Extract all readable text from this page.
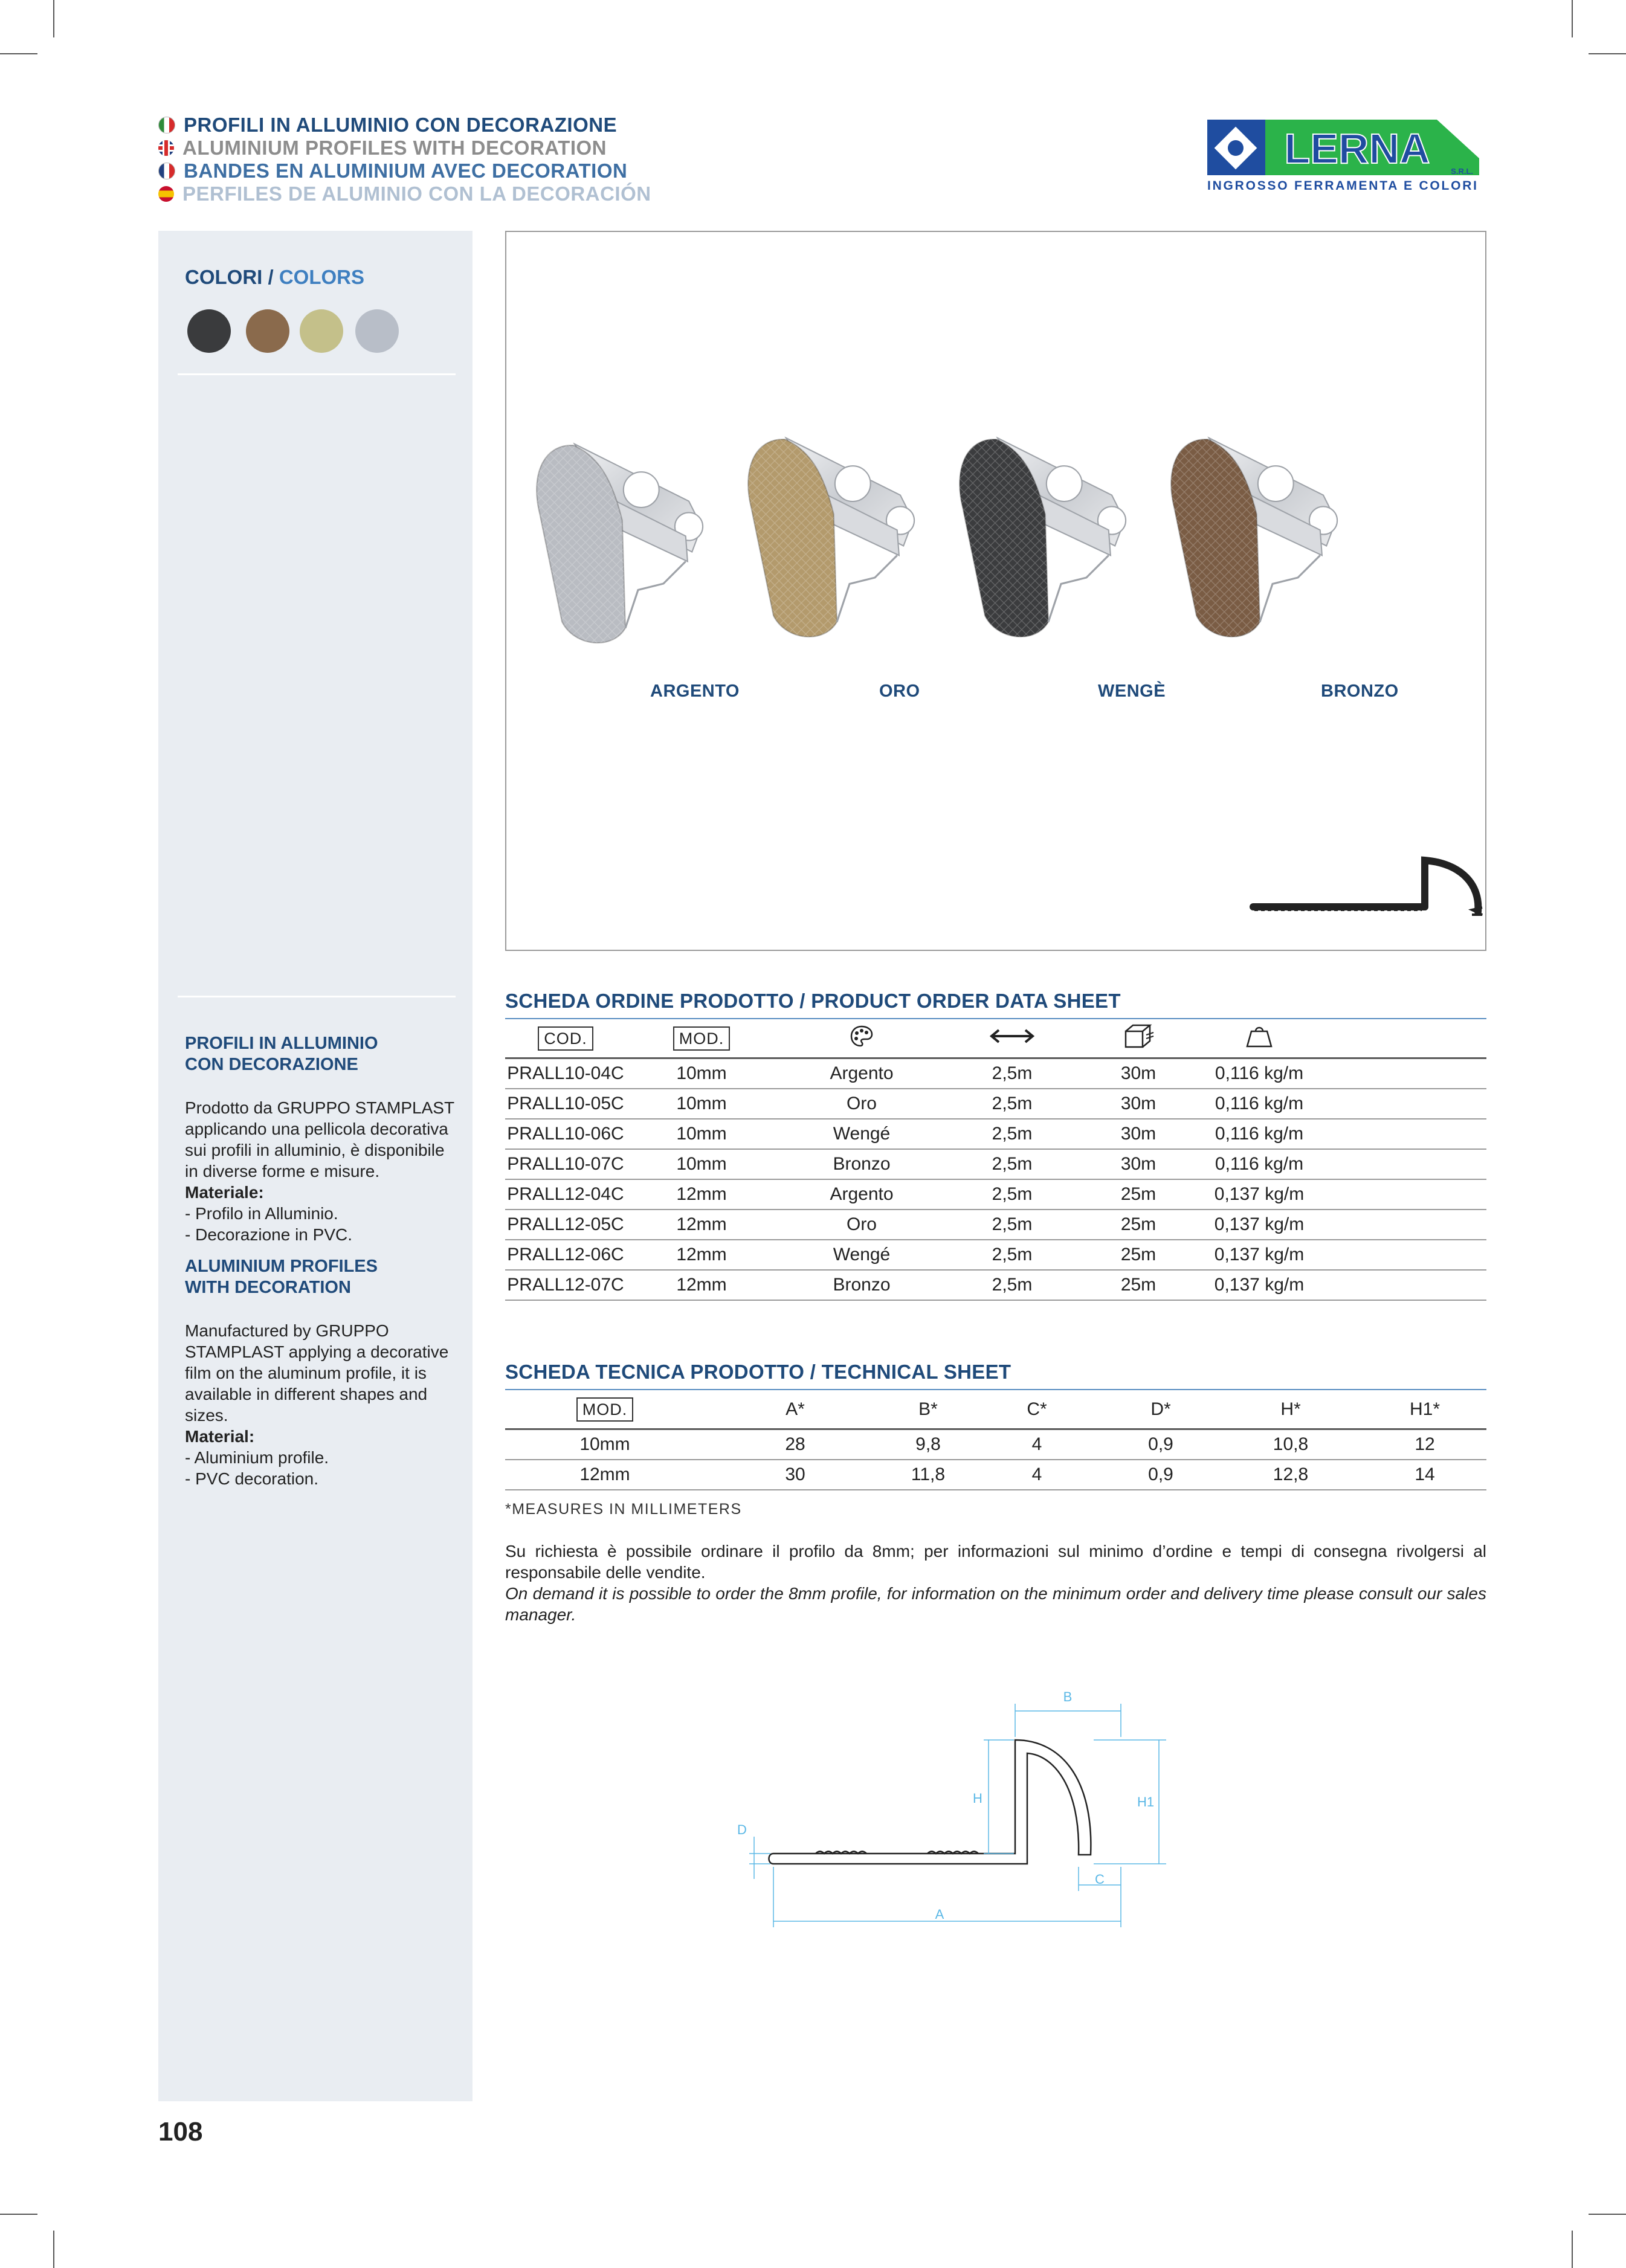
PROFILI IN ALLUMINIO CON DECORAZIONE
ALUMINIUM PROFILES WITH DECORATION
BANDES EN ALUMINIUM AVEC DECORATION
PERFILES DE ALUMINIO CON LA DECORACIÓN
LERNA	S.R.L.
INGROSSO FERRAMENTA E COLORI
COLORI / COLORS
PROFILI IN ALLUMINIO
CON DECORAZIONE
Prodotto da GRUPPO STAMPLAST applicando una pellicola decorativa sui profili in alluminio, è disponibile in diverse forme e misure.
Materiale:
- Profilo in Alluminio.
- Decorazione in PVC.
ALUMINIUM PROFILES
WITH DECORATION
Manufactured by GRUPPO STAMPLAST applying a decorative film on the aluminum profile, it is available in different shapes and sizes.
Material:
- Aluminium profile.
- PVC decoration.
ARGENTO	ORO	WENGÈ	BRONZO
SCHEDA ORDINE PRODOTTO / PRODUCT ORDER DATA SHEET
COD.	MOD.					
PRALL10-04C	10mm	Argento	2,5m	30m	0,116 kg/m	
PRALL10-05C	10mm	Oro	2,5m	30m	0,116 kg/m	
PRALL10-06C	10mm	Wengé	2,5m	30m	0,116 kg/m	
PRALL10-07C	10mm	Bronzo	2,5m	30m	0,116 kg/m	
PRALL12-04C	12mm	Argento	2,5m	25m	0,137 kg/m	
PRALL12-05C	12mm	Oro	2,5m	25m	0,137 kg/m	
PRALL12-06C	12mm	Wengé	2,5m	25m	0,137 kg/m	
PRALL12-07C	12mm	Bronzo	2,5m	25m	0,137 kg/m	
SCHEDA TECNICA PRODOTTO / TECHNICAL SHEET
MOD.	A*	B*	C*	D*	H*	H1*
10mm	28	9,8	4	0,9	10,8	12
12mm	30	11,8	4	0,9	12,8	14
*MEASURES IN MILLIMETERS
Su richiesta è possibile ordinare il profilo da 8mm; per informazioni sul minimo d’ordine e tempi di consegna rivolgersi al responsabile delle vendite.
On demand it is possible to order the 8mm profile, for information on the minimum order and delivery time please consult our sales manager.
B
H	H1
C
A
D
108
